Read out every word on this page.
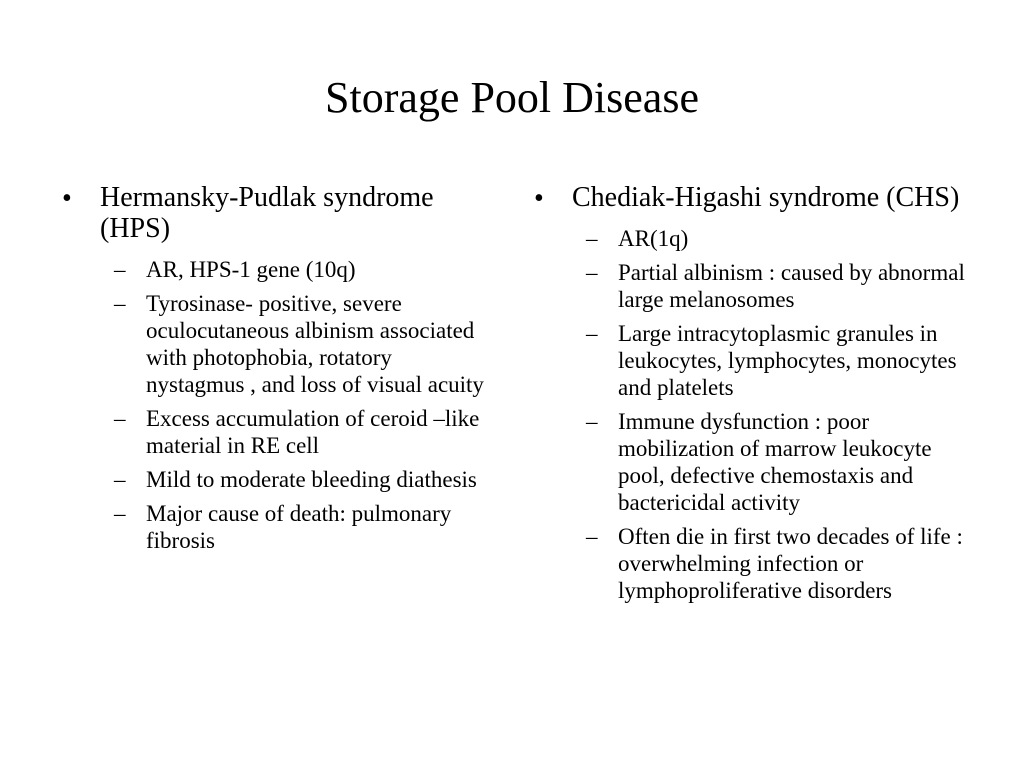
Storage Pool Disease
• Hermansky-Pudlak syndrome (HPS)
– AR, HPS-1 gene (10q)
– Tyrosinase- positive, severe oculocutaneous albinism associated with photophobia, rotatory nystagmus , and loss of visual acuity
– Excess accumulation of ceroid –like material in RE cell
– Mild to moderate bleeding diathesis
– Major cause of death: pulmonary fibrosis
• Chediak-Higashi syndrome (CHS)
– AR(1q)
– Partial albinism : caused by abnormal large melanosomes
– Large intracytoplasmic granules in leukocytes, lymphocytes, monocytes and platelets
– Immune dysfunction : poor mobilization of marrow leukocyte pool, defective chemostaxis and bactericidal activity
– Often die in first two decades of life : overwhelming infection or lymphoproliferative disorders
